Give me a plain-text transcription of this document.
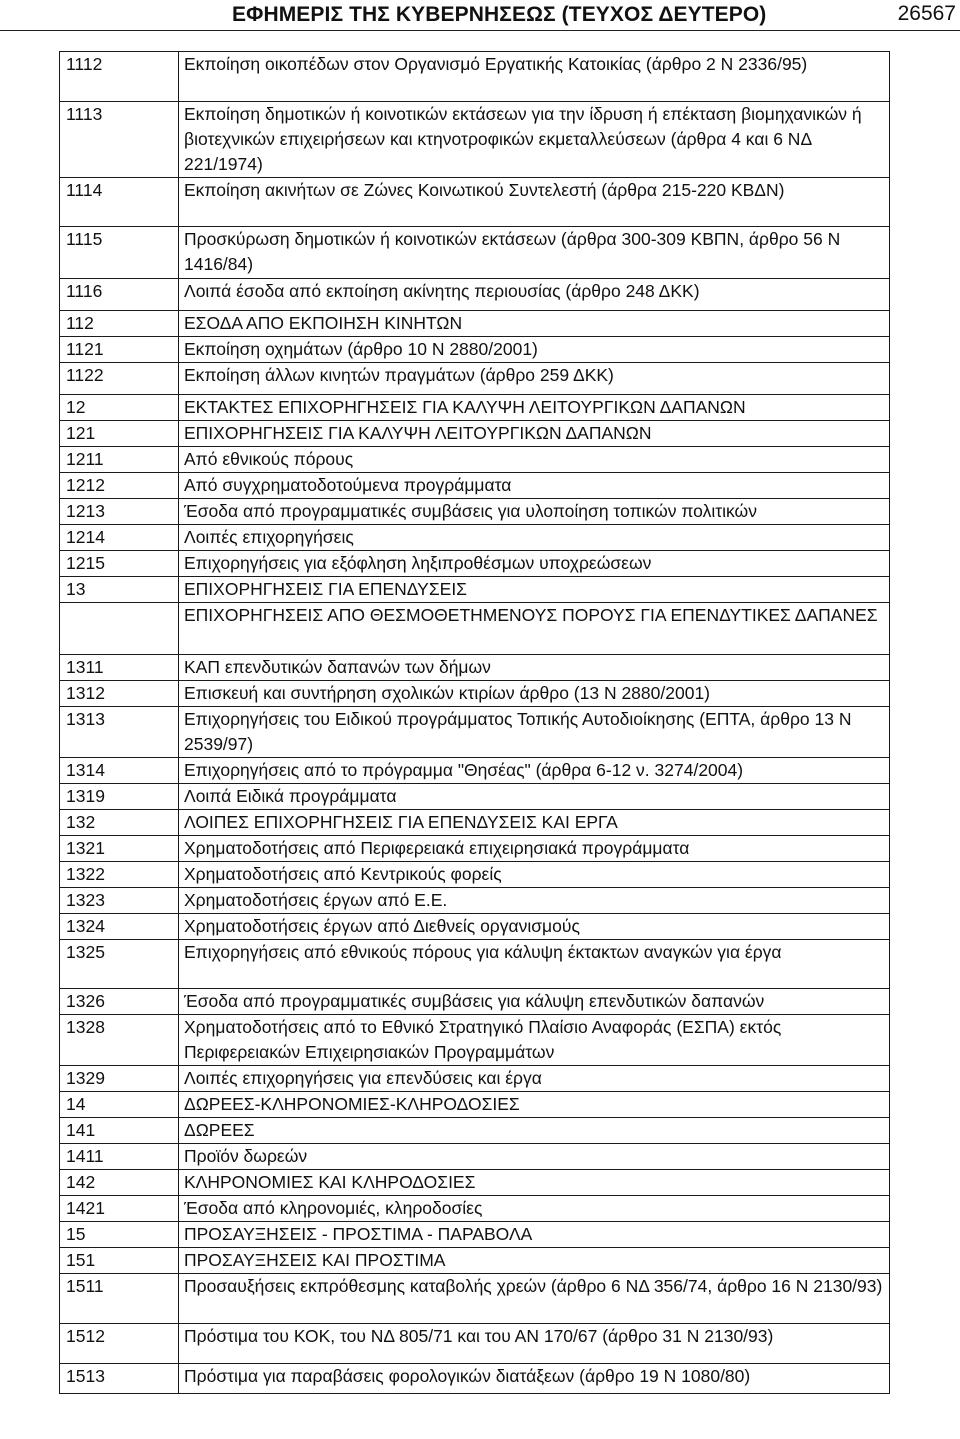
ΕΦΗΜΕΡΙΣ ΤΗΣ ΚΥΒΕΡΝΗΣΕΩΣ (ΤΕΥΧΟΣ ΔΕΥΤΕΡΟ)	26567
1112	Εκποίηση οικοπέδων στον Οργανισμό Εργατικής Κατοικίας (άρθρο 2 Ν 2336/95)
1113	Εκποίηση δημοτικών ή κοινοτικών εκτάσεων για την ίδρυση ή επέκταση βιομηχανικών ή βιοτεχνικών επιχειρήσεων και κτηνοτροφικών εκμεταλλεύσεων (άρθρα 4 και 6 ΝΔ 221/1974)
1114	Εκποίηση ακινήτων σε Ζώνες Κοινωτικού Συντελεστή (άρθρα 215-220 ΚΒΔΝ)
1115	Προσκύρωση δημοτικών ή κοινοτικών εκτάσεων (άρθρα 300-309 ΚΒΠΝ, άρθρο 56 Ν 1416/84)
1116	Λοιπά έσοδα από εκποίηση ακίνητης περιουσίας (άρθρο 248 ΔΚΚ)
112	ΕΣΟΔΑ ΑΠΟ ΕΚΠΟΙΗΣΗ ΚΙΝΗΤΩΝ
1121	Εκποίηση οχημάτων (άρθρο 10 Ν 2880/2001)
1122	Εκποίηση άλλων κινητών πραγμάτων (άρθρο 259 ΔΚΚ)
12	ΕΚΤΑΚΤΕΣ ΕΠΙΧΟΡΗΓΗΣΕΙΣ ΓΙΑ ΚΑΛΥΨΗ ΛΕΙΤΟΥΡΓΙΚΩΝ ΔΑΠΑΝΩΝ
121	ΕΠΙΧΟΡΗΓΗΣΕΙΣ ΓΙΑ ΚΑΛΥΨΗ ΛΕΙΤΟΥΡΓΙΚΩΝ ΔΑΠΑΝΩΝ
1211	Από εθνικούς πόρους
1212	Από συγχρηματοδοτούμενα προγράμματα
1213	Έσοδα από προγραμματικές συμβάσεις για υλοποίηση τοπικών πολιτικών
1214	Λοιπές επιχορηγήσεις
1215	Επιχορηγήσεις για εξόφληση ληξιπροθέσμων υποχρεώσεων
13	ΕΠΙΧΟΡΗΓΗΣΕΙΣ ΓΙΑ ΕΠΕΝΔΥΣΕΙΣ
	ΕΠΙΧΟΡΗΓΗΣΕΙΣ ΑΠΟ ΘΕΣΜΟΘΕΤΗΜΕΝΟΥΣ ΠΟΡΟΥΣ ΓΙΑ ΕΠΕΝΔΥΤΙΚΕΣ ΔΑΠΑΝΕΣ
1311	ΚΑΠ επενδυτικών δαπανών των δήμων
1312	Επισκευή και συντήρηση σχολικών κτιρίων άρθρο (13 Ν 2880/2001)
1313	Επιχορηγήσεις του Ειδικού προγράμματος Τοπικής Αυτοδιοίκησης (ΕΠΤΑ, άρθρο 13 Ν 2539/97)
1314	Επιχορηγήσεις από το πρόγραμμα "Θησέας" (άρθρα 6-12 ν. 3274/2004)
1319	Λοιπά Ειδικά προγράμματα
132	ΛΟΙΠΕΣ ΕΠΙΧΟΡΗΓΗΣΕΙΣ ΓΙΑ ΕΠΕΝΔΥΣΕΙΣ ΚΑΙ ΕΡΓΑ
1321	Χρηματοδοτήσεις από Περιφερειακά επιχειρησιακά προγράμματα
1322	Χρηματοδοτήσεις από Κεντρικούς φορείς
1323	Χρηματοδοτήσεις έργων από Ε.Ε.
1324	Χρηματοδοτήσεις έργων από Διεθνείς οργανισμούς
1325	Επιχορηγήσεις από εθνικούς πόρους για κάλυψη έκτακτων αναγκών για έργα
1326	Έσοδα από προγραμματικές συμβάσεις για κάλυψη επενδυτικών δαπανών
1328	Χρηματοδοτήσεις από το Εθνικό Στρατηγικό Πλαίσιο Αναφοράς (ΕΣΠΑ) εκτός Περιφερειακών Επιχειρησιακών Προγραμμάτων
1329	Λοιπές επιχορηγήσεις για επενδύσεις και έργα
14	ΔΩΡΕΕΣ-ΚΛΗΡΟΝΟΜΙΕΣ-ΚΛΗΡΟΔΟΣΙΕΣ
141	ΔΩΡΕΕΣ
1411	Προϊόν δωρεών
142	ΚΛΗΡΟΝΟΜΙΕΣ ΚΑΙ ΚΛΗΡΟΔΟΣΙΕΣ
1421	Έσοδα από κληρονομιές, κληροδοσίες
15	ΠΡΟΣΑΥΞΗΣΕΙΣ - ΠΡΟΣΤΙΜΑ - ΠΑΡΑΒΟΛΑ
151	ΠΡΟΣΑΥΞΗΣΕΙΣ ΚΑΙ ΠΡΟΣΤΙΜΑ
1511	Προσαυξήσεις εκπρόθεσμης καταβολής χρεών (άρθρο 6 ΝΔ 356/74, άρθρο 16 Ν 2130/93)
1512	Πρόστιμα του ΚΟΚ, του ΝΔ 805/71 και του ΑΝ 170/67 (άρθρο 31 Ν 2130/93)
1513	Πρόστιμα για παραβάσεις φορολογικών διατάξεων (άρθρο 19 Ν 1080/80)
